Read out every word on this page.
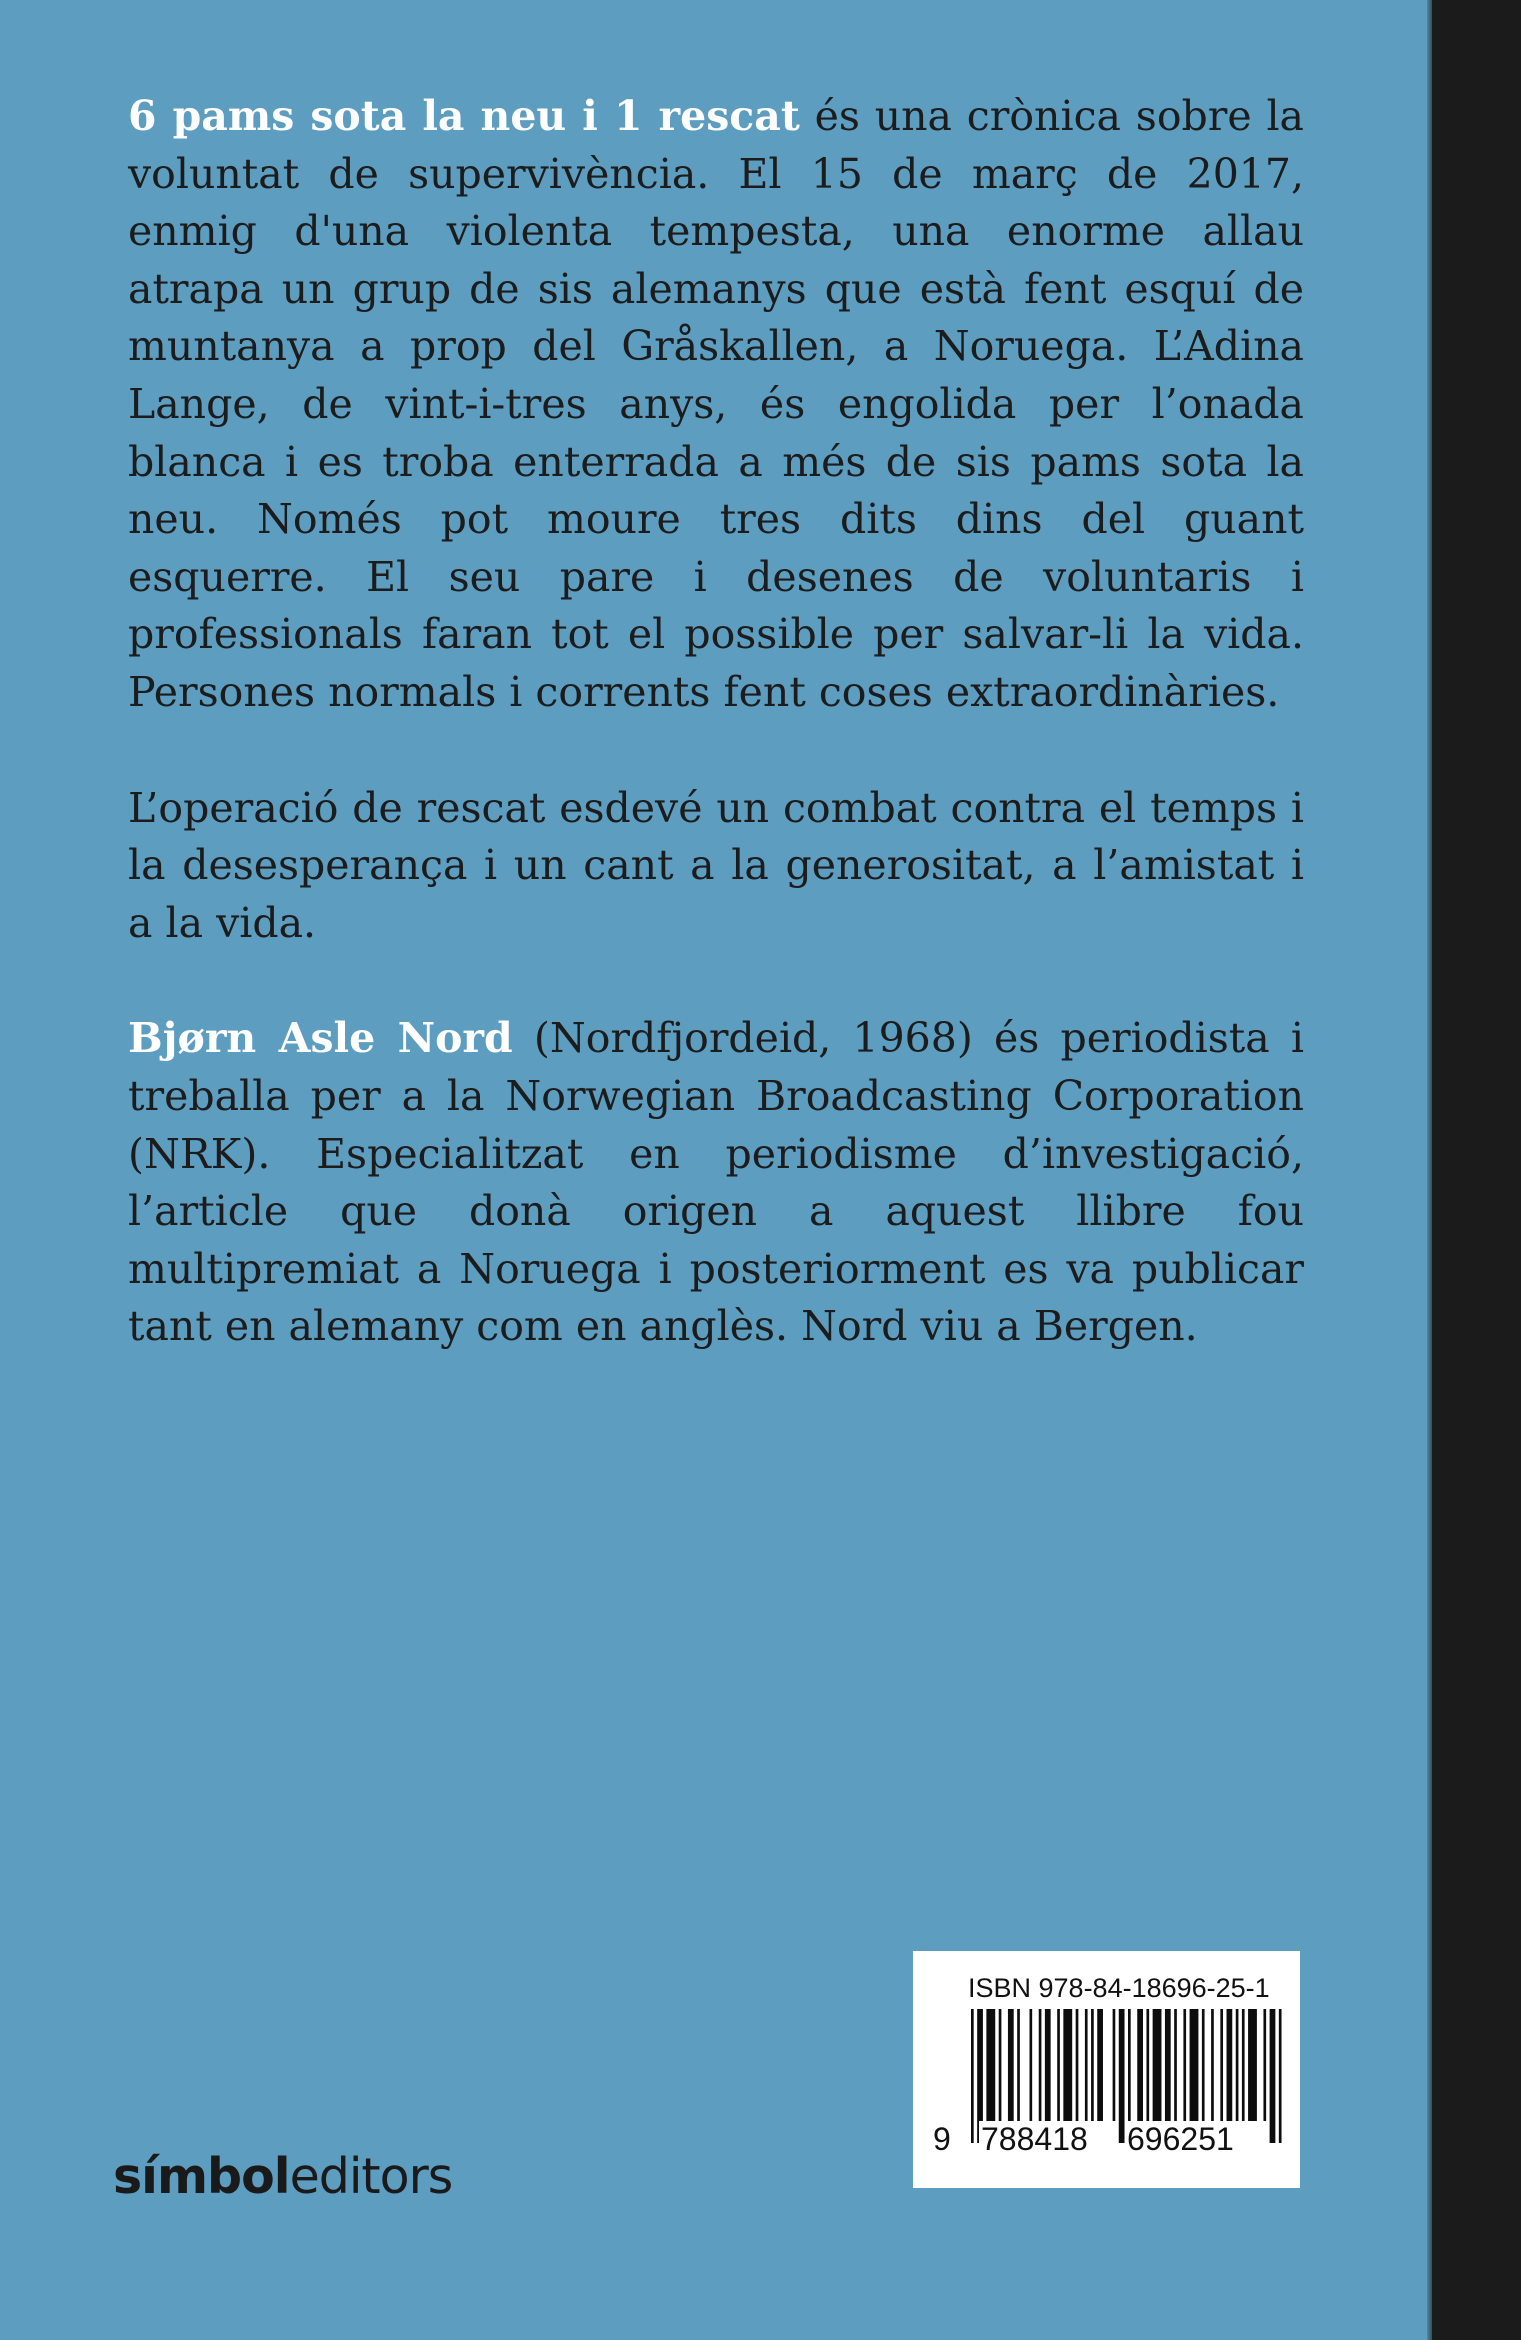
6 pams sota la neu i 1 rescat és una crònica sobre la voluntat de supervivència. El 15 de març de 2017, enmig d'una violenta tempesta, una enorme allau atrapa un grup de sis alemanys que està fent esquí de muntanya a prop del Gråskallen, a Noruega. L’Adina Lange, de vint-i-tres anys, és engolida per l’onada blanca i es troba enterrada a més de sis pams sota la neu. Només pot moure tres dits dins del guant esquerre. El seu pare i desenes de voluntaris i professionals faran tot el possible per salvar-li la vida. Persones normals i corrents fent coses extraordinàries.

L’operació de rescat esdevé un combat contra el temps i la desesperança i un cant a la generositat, a l’amistat i a la vida.

Bjørn Asle Nord (Nordfjordeid, 1968) és periodista i treballa per a la Norwegian Broadcasting Corporation (NRK). Especialitzat en periodisme d’investigació, l’article que donà origen a aquest llibre fou multipremiat a Noruega i posteriorment es va publicar tant en alemany com en anglès. Nord viu a Bergen.

ISBN 978-84-18696-25-1
9 788418 696251
símboleditors
